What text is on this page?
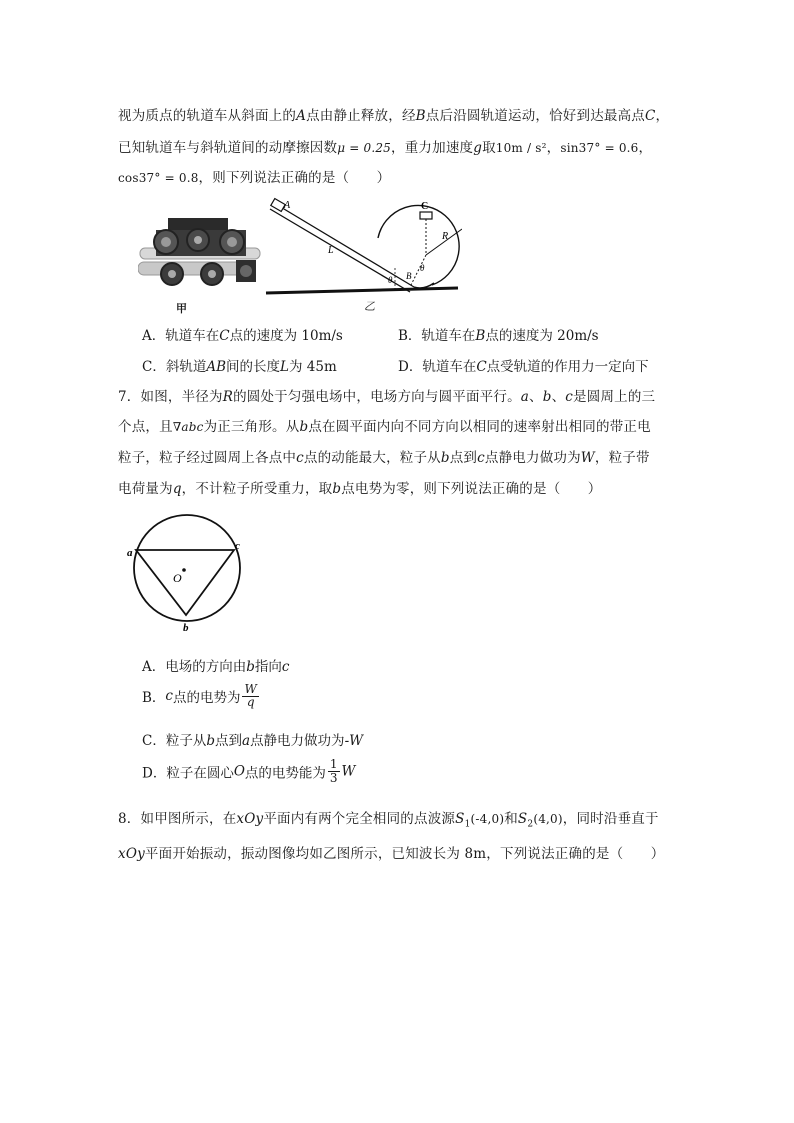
视为质点的轨道车从斜面上的A点由静止释放，经B点后沿圆轨道运动，恰好到达最高点C，
已知轨道车与斜轨道间的动摩擦因数μ = 0.25，重力加速度g取10m / s²，sin37° = 0.6，
cos37° = 0.8，则下列说法正确的是（　　）
甲
A
L
θ B
θ
C
R
乙
A．轨道车在C点的速度为 10m/s	B．轨道车在B点的速度为 20m/s
C．斜轨道AB间的长度L为 45m	D．轨道车在C点受轨道的作用力一定向下
7．如图，半径为R的圆处于匀强电场中，电场方向与圆平面平行。a、b、c是圆周上的三
个点，且∇abc为正三角形。从b点在圆平面内向不同方向以相同的速率射出相同的带正电
粒子，粒子经过圆周上各点中c点的动能最大，粒子从b点到c点静电力做功为W，粒子带
电荷量为q，不计粒子所受重力，取b点电势为零，则下列说法正确的是（　　）
a
c
b
O
A．电场的方向由b指向c
B．c点的电势为 $\frac{W}{q}$
C．粒子从b点到a点静电力做功为-W
D．粒子在圆心O点的电势能为 $\frac{1}{3}$ W
8．如甲图所示，在xOy平面内有两个完全相同的点波源$S_1(-4,0)$和$S_2(4,0)$，同时沿垂直于
xOy平面开始振动，振动图像均如乙图所示，已知波长为 8m，下列说法正确的是（　　）
